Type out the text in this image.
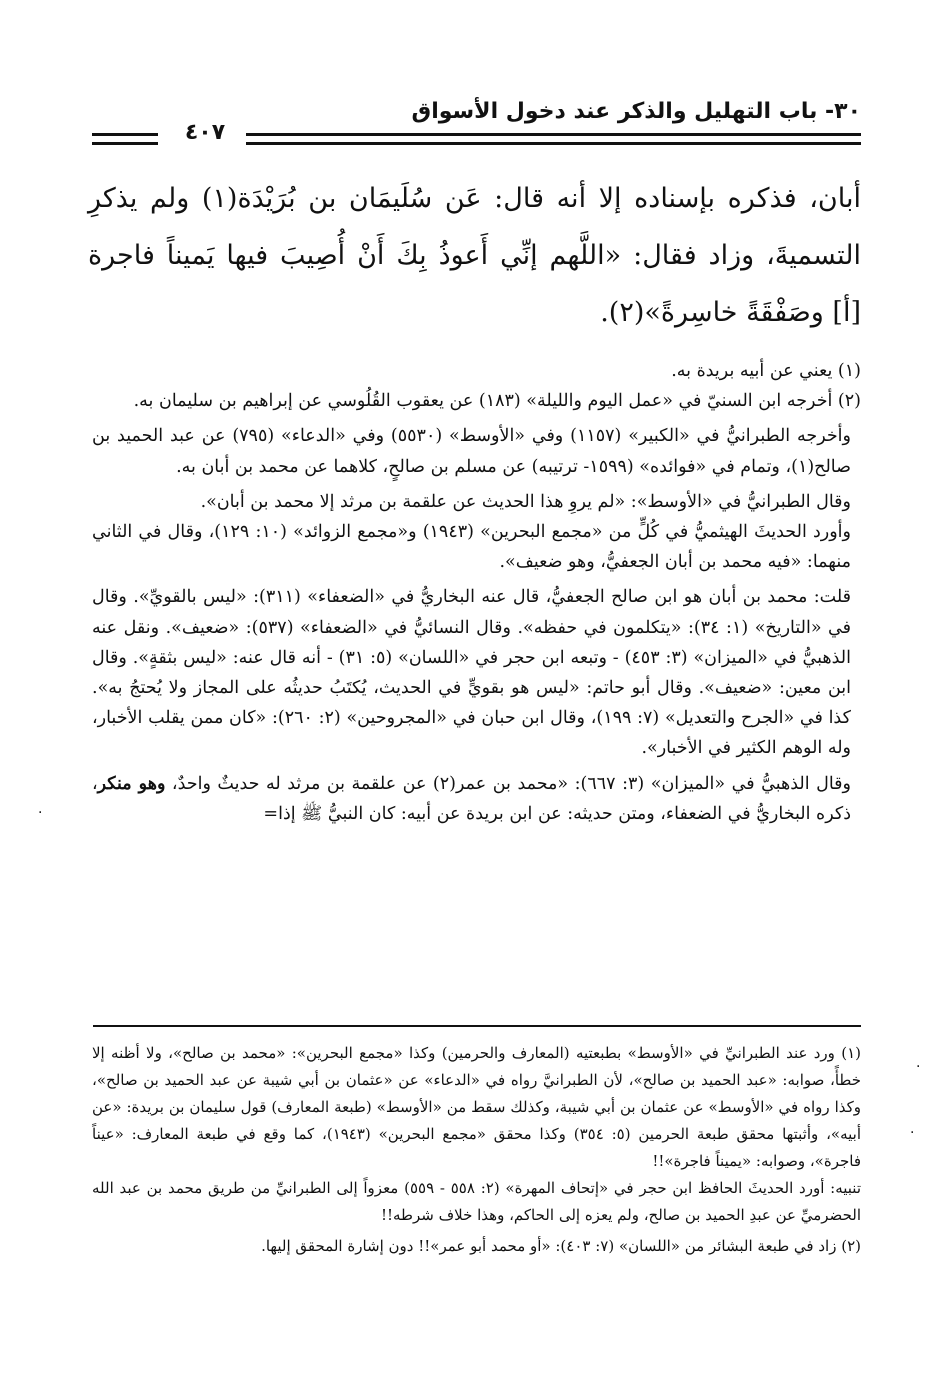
٣٠- باب التهليل والذكر عند دخول الأسواق
٤٠٧

أبان، فذكره بإسناده إلا أنه قال: عَن سُلَيمَان بن بُرَيْدَة(١) ولم يذكرِ التسميةَ، وزاد فقال: «اللَّهم إنِّي أَعوذُ بِكَ أَنْ أُصِيبَ فيها يَميناً فاجرة [أ] وصَفْقَةً خاسِرةً»(٢).

(١) يعني عن أبيه بريدة به.

(٢) أخرجه ابن السنيّ في «عمل اليوم والليلة» (١٨٣) عن يعقوب القُلُوسي عن إبراهيم بن سليمان به.

وأخرجه الطبرانيُّ في «الكبير» (١١٥٧) وفي «الأوسط» (٥٥٣٠) وفي «الدعاء» (٧٩٥) عن عبد الحميد بن صالح(١)، وتمام في «فوائده» (١٥٩٩- ترتيبه) عن مسلم بن صالحٍ، كلاهما عن محمد بن أبان به.

وقال الطبرانيُّ في «الأوسط»: «لم يروِ هذا الحديث عن علقمة بن مرثد إلا محمد بن أبان».

وأورد الحديثَ الهيثميُّ في كُلٍّ من «مجمع البحرين» (١٩٤٣) و«مجمع الزوائد» (١٠: ١٢٩)، وقال في الثاني منهما: «فيه محمد بن أبان الجعفيُّ، وهو ضعيف».

قلت: محمد بن أبان هو ابن صالح الجعفيُّ، قال عنه البخاريُّ في «الضعفاء» (٣١١): «ليس بالقويِّ». وقال في «التاريخ» (١: ٣٤): «يتكلمون في حفظه». وقال النسائيُّ في «الضعفاء» (٥٣٧): «ضعيف». ونقل عنه الذهبيُّ في «الميزان» (٣: ٤٥٣) - وتبعه ابن حجر في «اللسان» (٥: ٣١) - أنه قال عنه: «ليس بثقةٍ». وقال ابن معين: «ضعيف». وقال أبو حاتم: «ليس هو بقويٍّ في الحديث، يُكتَبُ حديثُه على المجاز ولا يُحتجُ به». كذا في «الجرح والتعديل» (٧: ١٩٩)، وقال ابن حبان في «المجروحين» (٢: ٢٦٠): «كان ممن يقلب الأخبار، وله الوهم الكثير في الأخبار».

وقال الذهبيُّ في «الميزان» (٣: ٦٦٧): «محمد بن عمر(٢) عن علقمة بن مرثد له حديثٌ واحدٌ، وهو منكر، ذكره البخاريُّ في الضعفاء، ومتن حديثه: عن ابن بريدة عن أبيه: كان النبيُّ ﷺ إذا=

(١) ورد عند الطبرانيِّ في «الأوسط» بطبعتيه (المعارف والحرمين) وكذا «مجمع البحرين»: «محمد بن صالح»، ولا أظنه إلا خطأً، صوابه: «عبد الحميد بن صالح»، لأن الطبرانيَّ رواه في «الدعاء» عن «عثمان بن أبي شيبة عن عبد الحميد بن صالح»، وكذا رواه في «الأوسط» عن عثمان بن أبي شيبة، وكذلك سقط من «الأوسط» (طبعة المعارف) قول سليمان بن بريدة: «عن أبيه»، وأثبتها محقق طبعة الحرمين (٥: ٣٥٤) وكذا محقق «مجمع البحرين» (١٩٤٣)، كما وقع في طبعة المعارف: «عيناً فاجرة»، وصوابه: «يميناً فاجرة»!!

تنبيه: أورد الحديثَ الحافظ ابن حجر في «إتحاف المهرة» (٢: ٥٥٨ - ٥٥٩) معزواً إلى الطبرانيِّ من طريق محمد بن عبد الله الحضرميِّ عن عبدِ الحميد بن صالح، ولم يعزه إلى الحاكم، وهذا خلاف شرطه!!

(٢) زاد في طبعة البشائر من «اللسان» (٧: ٤٠٣): «أو محمد أبو عمر»!! دون إشارة المحقق إليها.

·
·
·
